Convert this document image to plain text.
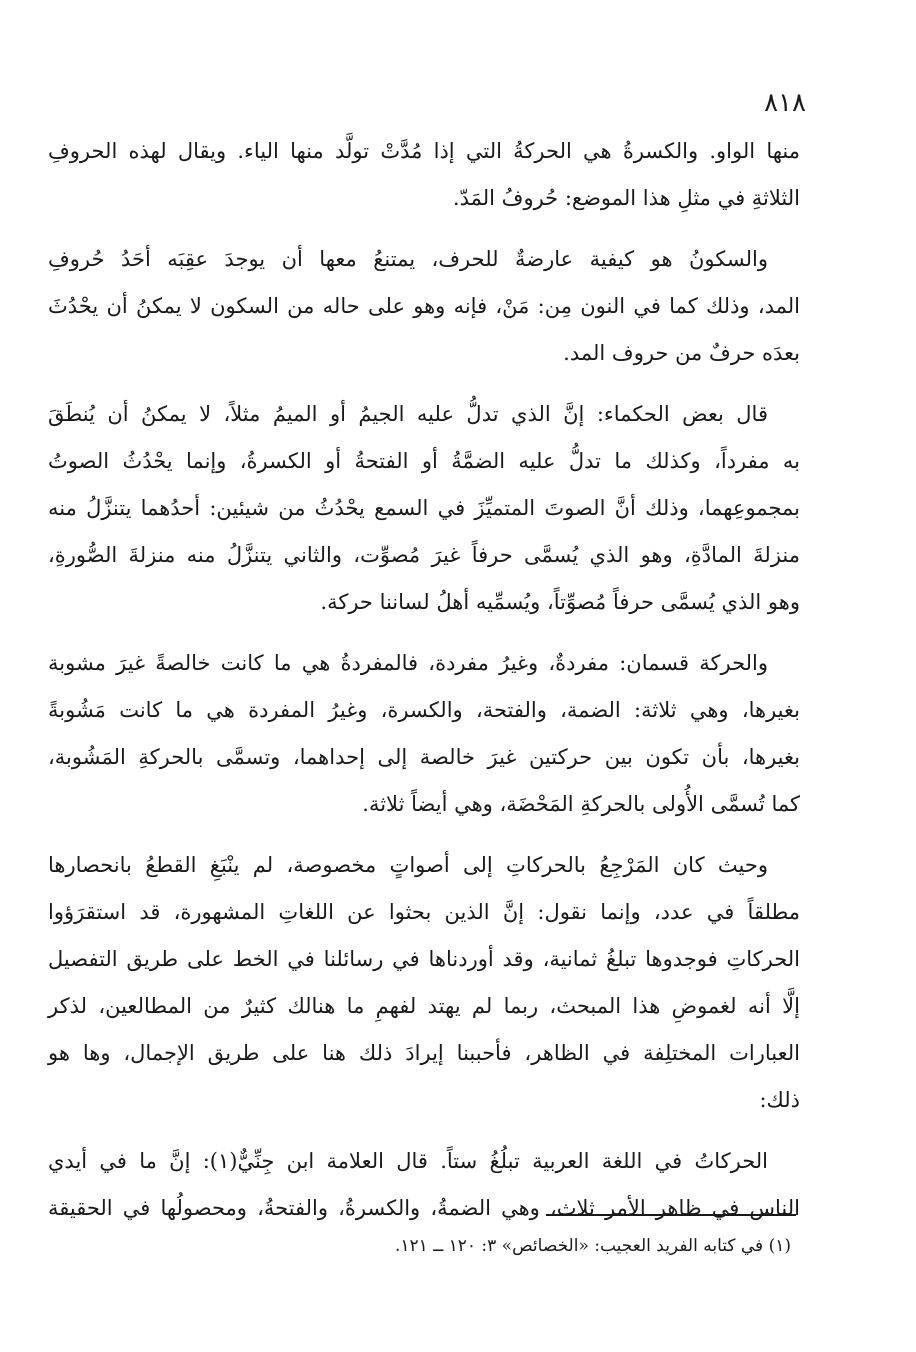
٨١٨

منها الواو. والكسرةُ هي الحركةُ التي إذا مُدَّتْ تولَّد منها الياء. ويقال لهذه الحروفِ
الثلاثةِ في مثلِ هذا الموضع: حُروفُ المَدّ.

والسكونُ هو كيفية عارضةٌ للحرف، يمتنعُ معها أن يوجدَ عقِبَه أحَدُ حُروفِ
المد، وذلك كما في النون مِن: مَنْ، فإنه وهو على حاله من السكون لا يمكنُ أن يحْدُثَ
بعدَه حرفٌ من حروف المد.

قال بعض الحكماء: إنَّ الذي تدلُّ عليه الجيمُ أو الميمُ مثلاً، لا يمكنُ أن يُنطَقَ
به مفرداً، وكذلك ما تدلُّ عليه الضمَّةُ أو الفتحةُ أو الكسرةُ، وإنما يحْدُثُ الصوتُ
بمجموعِهما، وذلك أنَّ الصوتَ المتميِّزَ في السمع يحْدُثُ من شيئين: أحدُهما يتنزَّلُ منه
منزلةَ المادَّةِ، وهو الذي يُسمَّى حرفاً غيرَ مُصوِّت، والثاني يتنزَّلُ منه منزلةَ الصُّورةِ،
وهو الذي يُسمَّى حرفاً مُصوِّتاً، ويُسمِّيه أهلُ لساننا حركة.

والحركة قسمان: مفردةٌ، وغيرُ مفردة، فالمفردةُ هي ما كانت خالصةً غيرَ مشوبة
بغيرها، وهي ثلاثة: الضمة، والفتحة، والكسرة، وغيرُ المفردة هي ما كانت مَشُوبةً
بغيرها، بأن تكون بين حركتين غيرَ خالصة إلى إحداهما، وتسمَّى بالحركةِ المَشُوبة،
كما تُسمَّى الأُولى بالحركةِ المَحْضَة، وهي أيضاً ثلاثة.

وحيث كان المَرْجِعُ بالحركاتِ إلى أصواتٍ مخصوصة، لم ينْبَغِ القطعُ بانحصارها
مطلقاً في عدد، وإنما نقول: إنَّ الذين بحثوا عن اللغاتِ المشهورة، قد استقرَؤوا
الحركاتِ فوجدوها تبلغُ ثمانية، وقد أوردناها في رسائلنا في الخط على طريق التفصيل
إلَّا أنه لغموضِ هذا المبحث، ربما لم يهتد لفهمِ ما هنالك كثيرٌ من المطالعين، لذكر
العبارات المختلِفة في الظاهر، فأحببنا إيرادَ ذلك هنا على طريق الإجمال، وها هو
ذلك:

الحركاتُ في اللغة العربية تبلُغُ ستاً. قال العلامة ابن جِنِّيٌّ(١): إنَّ ما في أيدي
الناس في ظاهر الأمر ثلاث، وهي الضمةُ، والكسرةُ، والفتحةُ، ومحصولُها في الحقيقة

(١) في كتابه الفريد العجيب: «الخصائص» ٣: ١٢٠ ــ ١٢١.
